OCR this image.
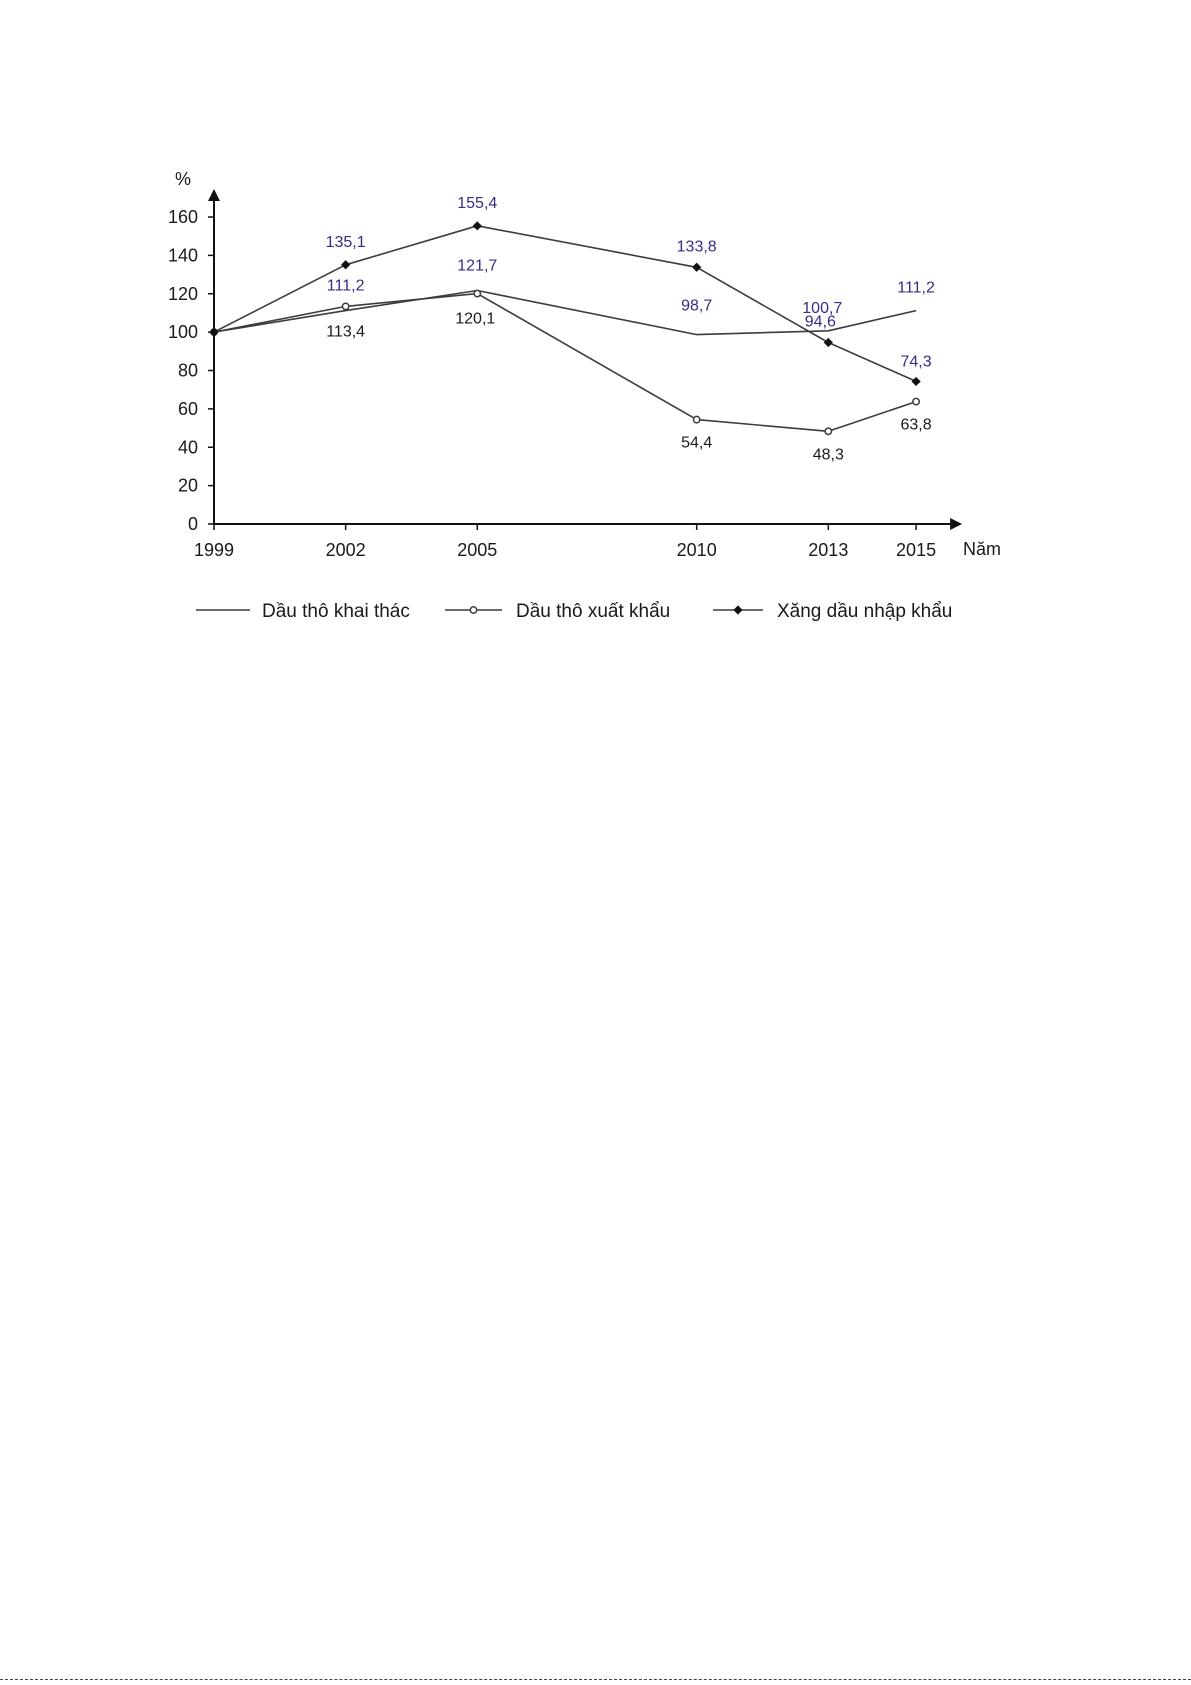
0
20
40
60
80
100
120
140
160
1999	2002	2005	2010	2013	2015
111,2
121,7
98,7	100,7
111,2
113,4
120,1
54,4
48,3
63,8
135,1
155,4
133,8
94,6
74,3
Dầu thô khai thác	Dầu thô xuất khẩu	Xăng dầu nhập khẩu
%
Năm
